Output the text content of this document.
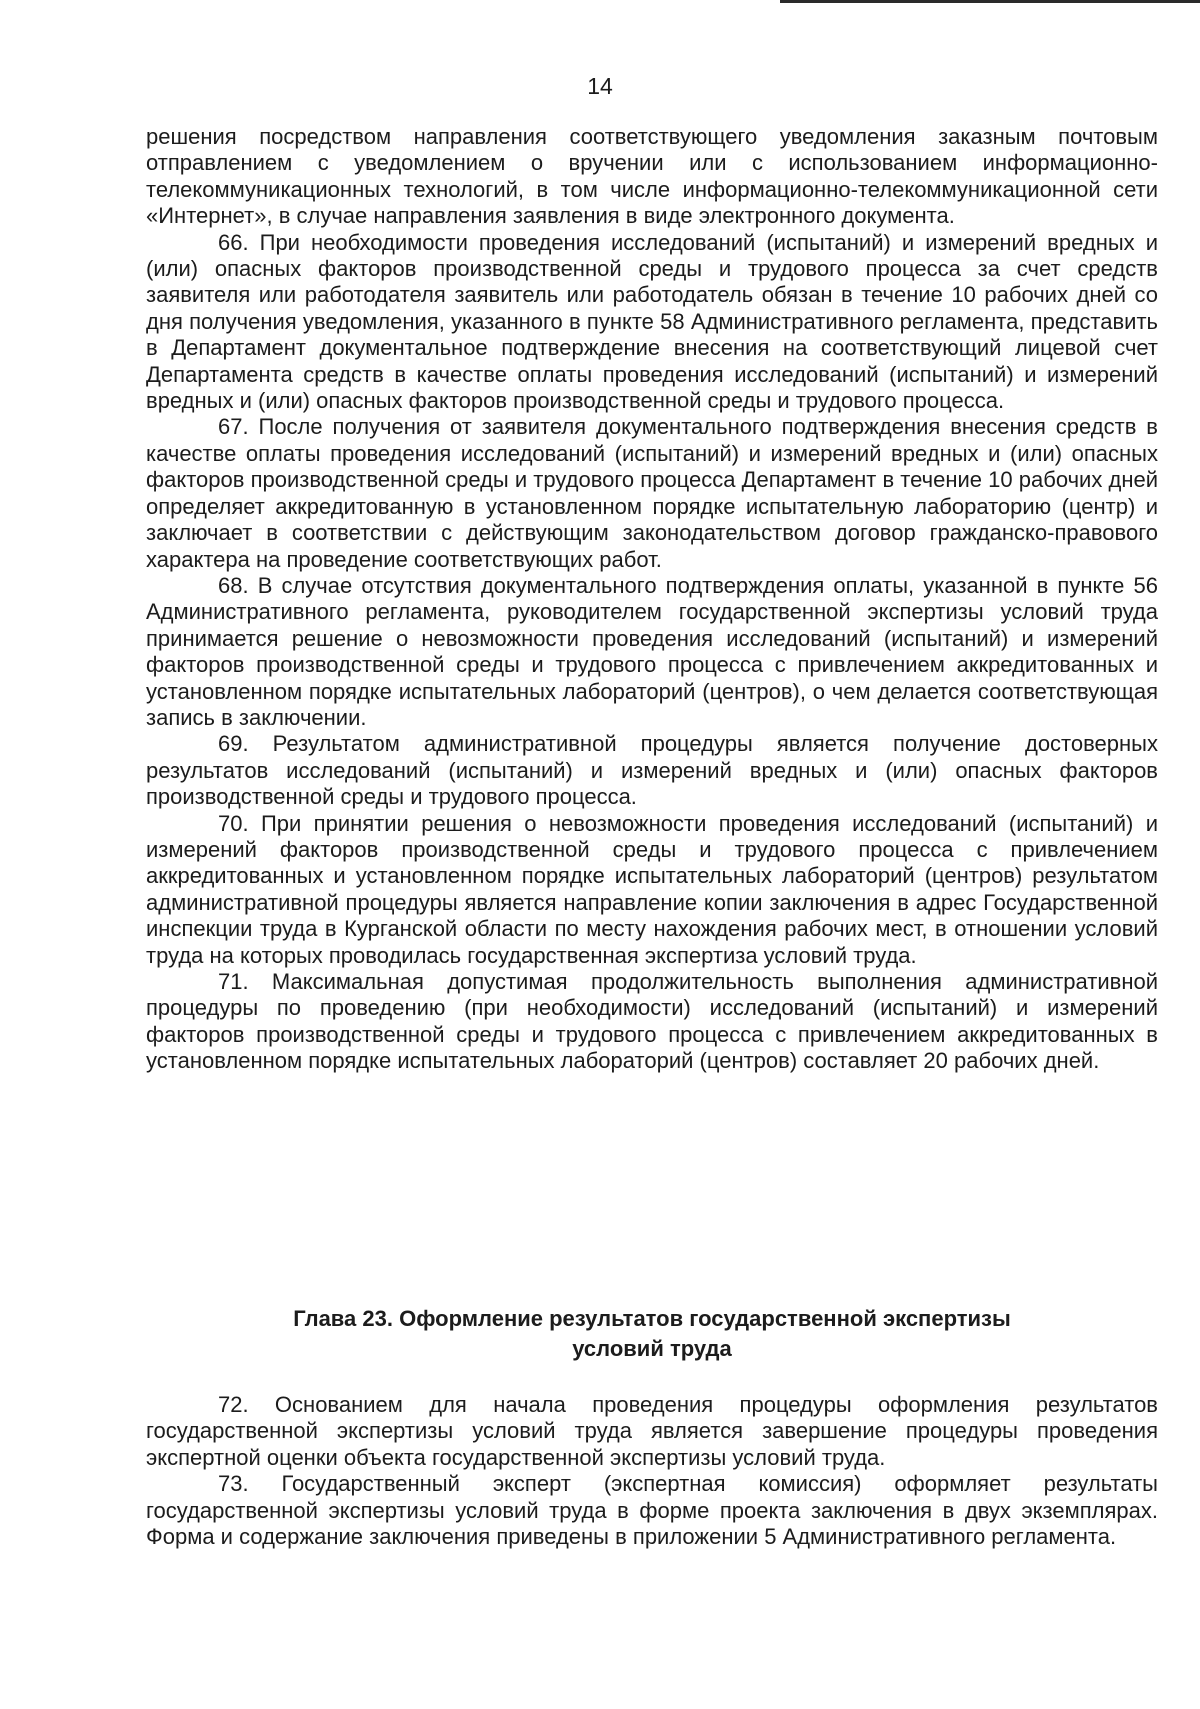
14

решения посредством направления соответствующего уведомления заказным почтовым отправлением с уведомлением о вручении или с использованием информационно-телекоммуникационных технологий, в том числе информационно-телекоммуникационной сети «Интернет», в случае направления заявления в виде электронного документа.

66. При необходимости проведения исследований (испытаний) и измерений вредных и (или) опасных факторов производственной среды и трудового процесса за счет средств заявителя или работодателя заявитель или работодатель обязан в течение 10 рабочих дней со дня получения уведомления, указанного в пункте 58 Административного регламента, представить в Департамент документальное подтверждение внесения на соответствующий лицевой счет Департамента средств в качестве оплаты проведения исследований (испытаний) и измерений вредных и (или) опасных факторов производственной среды и трудового процесса.

67. После получения от заявителя документального подтверждения внесения средств в качестве оплаты проведения исследований (испытаний) и измерений вредных и (или) опасных факторов производственной среды и трудового процесса Департамент в течение 10 рабочих дней определяет аккредитованную в установленном порядке испытательную лабораторию (центр) и заключает в соответствии с действующим законодательством договор гражданско-правового характера на проведение соответствующих работ.

68. В случае отсутствия документального подтверждения оплаты, указанной в пункте 56 Административного регламента, руководителем государственной экспертизы условий труда принимается решение о невозможности проведения исследований (испытаний) и измерений факторов производственной среды и трудового процесса с привлечением аккредитованных и установленном порядке испытательных лабораторий (центров), о чем делается соответствующая запись в заключении.

69. Результатом административной процедуры является получение достоверных результатов исследований (испытаний) и измерений вредных и (или) опасных факторов производственной среды и трудового процесса.

70. При принятии решения о невозможности проведения исследований (испытаний) и измерений факторов производственной среды и трудового процесса с привлечением аккредитованных и установленном порядке испытательных лабораторий (центров) результатом административной процедуры является направление копии заключения в адрес Государственной инспекции труда в Курганской области по месту нахождения рабочих мест, в отношении условий труда на которых проводилась государственная экспертиза условий труда.

71. Максимальная допустимая продолжительность выполнения административной процедуры по проведению (при необходимости) исследований (испытаний) и измерений факторов производственной среды и трудового процесса с привлечением аккредитованных в установленном порядке испытательных лабораторий (центров) составляет 20 рабочих дней.

Глава 23. Оформление результатов государственной экспертизы
условий труда

72. Основанием для начала проведения процедуры оформления результатов государственной экспертизы условий труда является завершение процедуры проведения экспертной оценки объекта государственной экспертизы условий труда.

73. Государственный эксперт (экспертная комиссия) оформляет результаты государственной экспертизы условий труда в форме проекта заключения в двух экземплярах. Форма и содержание заключения приведены в приложении 5 Административного регламента.
